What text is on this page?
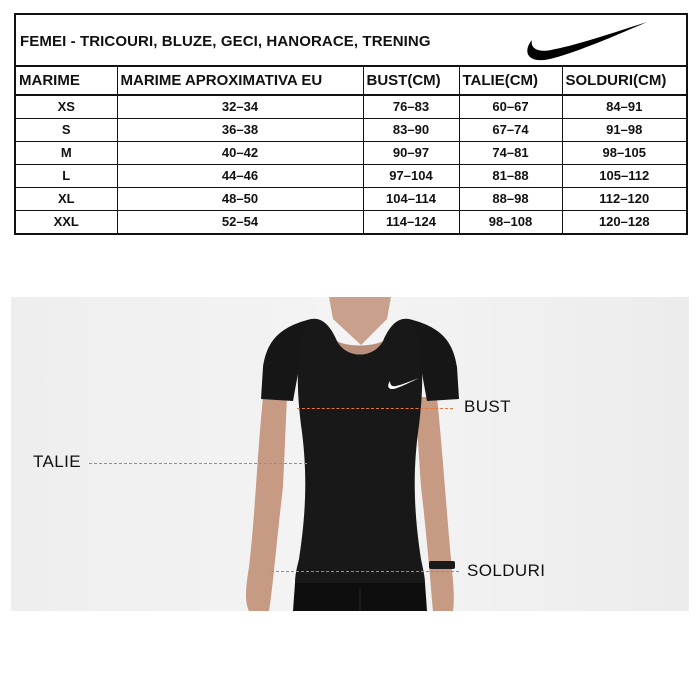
FEMEI - TRICOURI, BLUZE, GECI, HANORACE, TRENING
MARIME	MARIME APROXIMATIVA EU	BUST(CM)	TALIE(CM)	SOLDURI(CM)
XS	32–34	76–83	60–67	84–91
S	36–38	83–90	67–74	91–98
M	40–42	90–97	74–81	98–105
L	44–46	97–104	81–88	105–112
XL	48–50	104–114	88–98	112–120
XXL	52–54	114–124	98–108	120–128
BUST
TALIE
SOLDURI
